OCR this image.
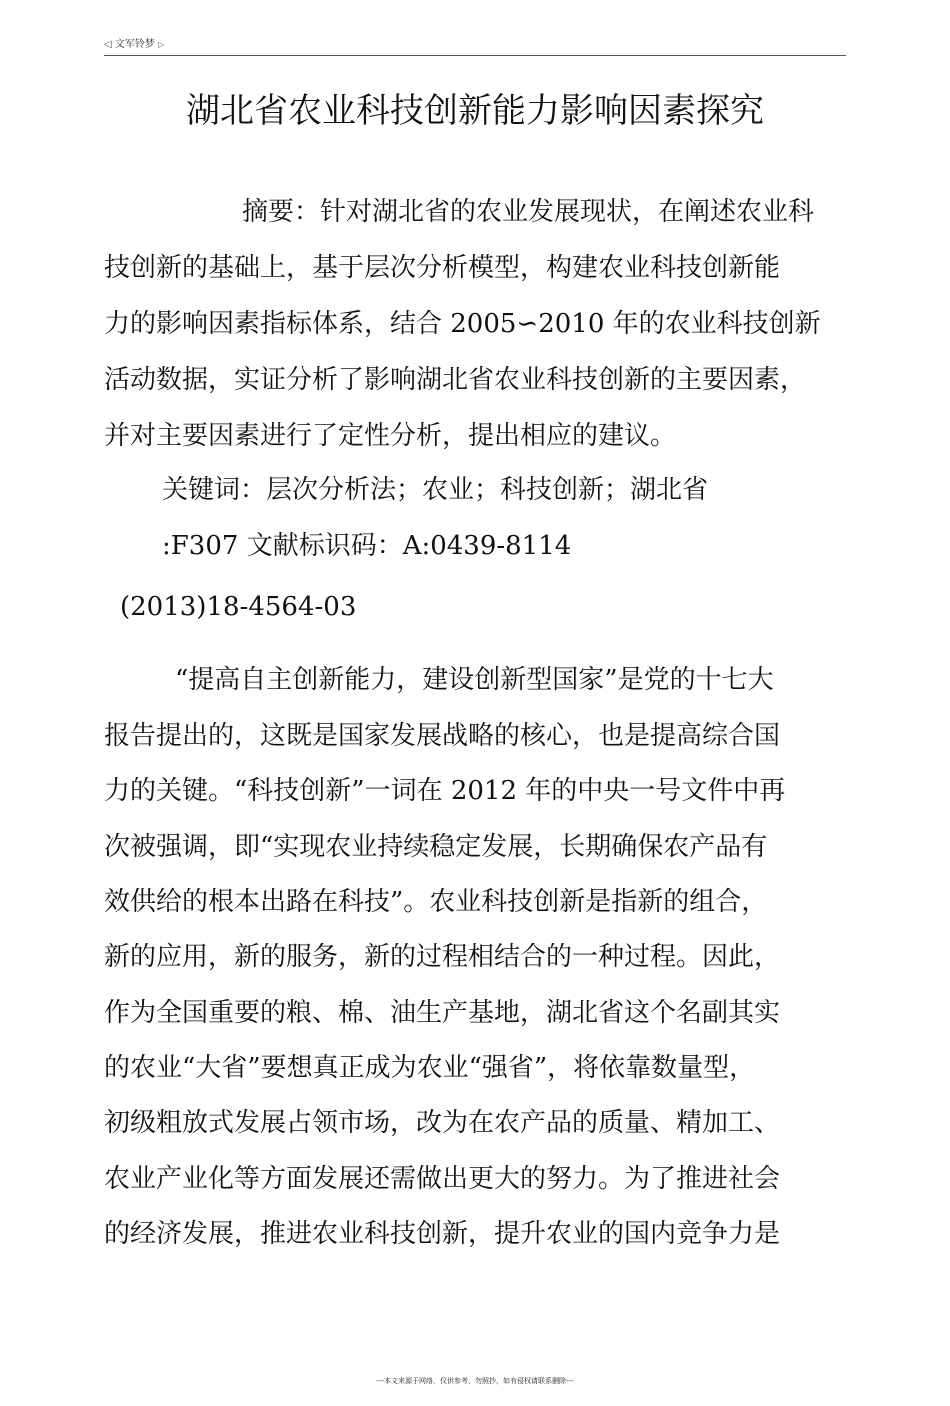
◁ 文军铃梦 ▷
湖北省农业科技创新能力影响因素探究
摘要：针对湖北省的农业发展现状，在阐述农业科
技创新的基础上，基于层次分析模型，构建农业科技创新能
力的影响因素指标体系，结合 2005∽2010 年的农业科技创新
活动数据，实证分析了影响湖北省农业科技创新的主要因素，
并对主要因素进行了定性分析，提出相应的建议。
关键词：层次分析法；农业；科技创新；湖北省
:F307 文献标识码：A:0439-8114
(2013)18-4564-03
“提高自主创新能力，建设创新型国家”是党的十七大
报告提出的，这既是国家发展战略的核心，也是提高综合国
力的关键。“科技创新”一词在 2012 年的中央一号文件中再
次被强调，即“实现农业持续稳定发展，长期确保农产品有
效供给的根本出路在科技”。农业科技创新是指新的组合，
新的应用，新的服务，新的过程相结合的一种过程。因此，
作为全国重要的粮、棉、油生产基地，湖北省这个名副其实
的农业“大省”要想真正成为农业“强省”，将依靠数量型，
初级粗放式发展占领市场，改为在农产品的质量、精加工、
农业产业化等方面发展还需做出更大的努力。为了推进社会
的经济发展，推进农业科技创新，提升农业的国内竞争力是
---本文来源于网络，仅供参考，勿照抄，如有侵权请联系删除---
